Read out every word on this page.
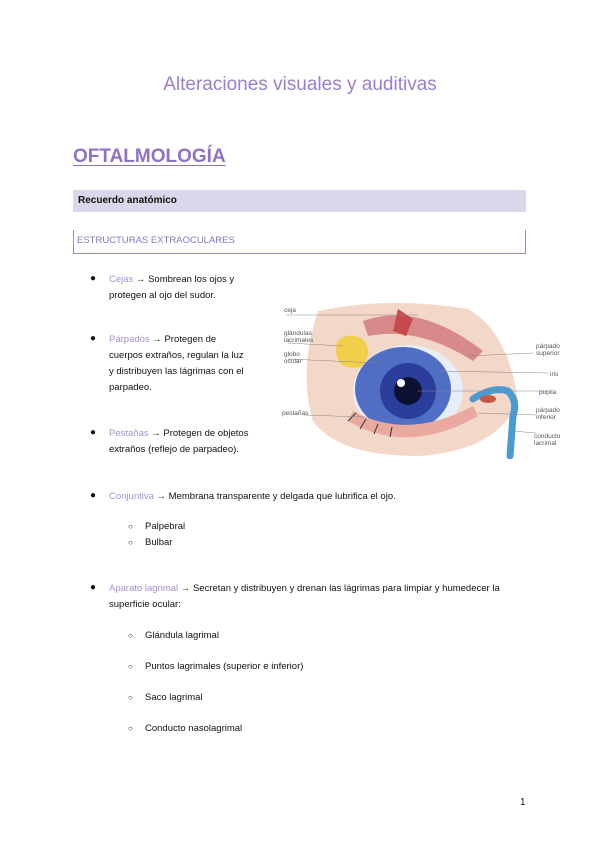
Alteraciones visuales y auditivas
OFTALMOLOGÍA
Recuerdo anatómico
ESTRUCTURAS EXTRAOCULARES
● Cejas → Sombrean los ojos y
protegen al ojo del sudor.
● Párpados → Protegen de
cuerpos extraños, regulan la luz
y distribuyen las lágrimas con el
parpadeo.
● Pestañas → Protegen de objetos
extraños (reflejo de parpadeo).
● Conjuntiva → Membrana transparente y delgada que lubrifica el ojo.
○ Palpebral
○ Bulbar
● Aparato lagrimal → Secretan y distribuyen y drenan las lágrimas para limpiar y humedecer la
superficie ocular:
○ Glándula lagrimal
○ Puntos lagrimales (superior e inferior)
○ Saco lagrimal
○ Conducto nasolagrimal
ceja
glándulas
lacrimales
globo
ocular
pestañas
párpado
superior
iris
pupila
párpado
inferior
conducto
lacrimal
1
